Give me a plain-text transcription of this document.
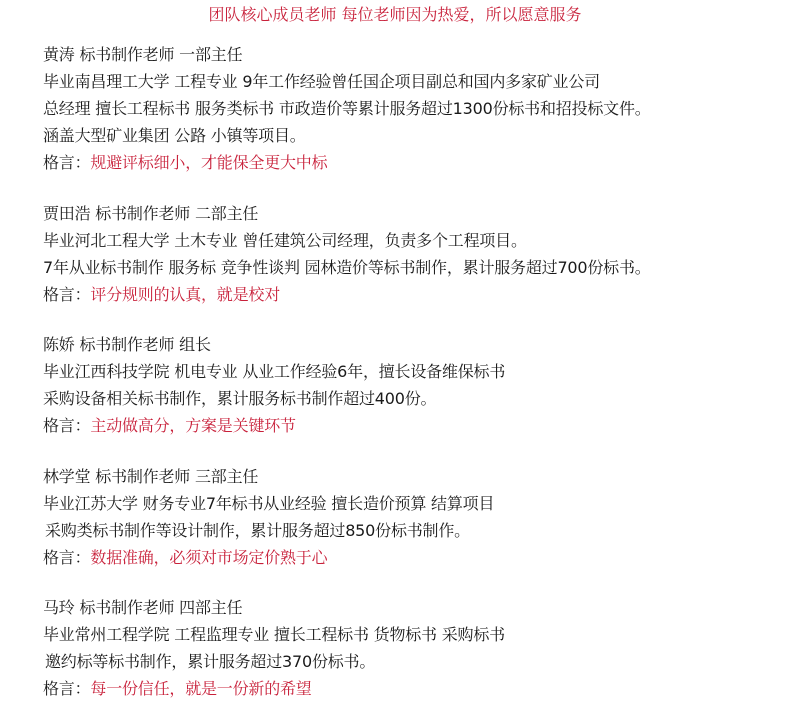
团队核心成员老师 每位老师因为热爱，所以愿意服务
黄涛 标书制作老师 一部主任
毕业南昌理工大学 工程专业 9年工作经验曾任国企项目副总和国内多家矿业公司
总经理 擅长工程标书 服务类标书 市政造价等累计服务超过1300份标书和招投标文件。
涵盖大型矿业集团 公路 小镇等项目。
格言：规避评标细小，才能保全更大中标
贾田浩 标书制作老师 二部主任
毕业河北工程大学 土木专业 曾任建筑公司经理，负责多个工程项目。
7年从业标书制作 服务标 竞争性谈判 园林造价等标书制作，累计服务超过700份标书。
格言：评分规则的认真，就是校对
陈娇 标书制作老师 组长
毕业江西科技学院 机电专业 从业工作经验6年，擅长设备维保标书
采购设备相关标书制作，累计服务标书制作超过400份。
格言：主动做高分，方案是关键环节
林学堂 标书制作老师 三部主任
毕业江苏大学 财务专业7年标书从业经验 擅长造价预算 结算项目
采购类标书制作等设计制作，累计服务超过850份标书制作。
格言：数据准确，必须对市场定价熟于心
马玲 标书制作老师 四部主任
毕业常州工程学院 工程监理专业 擅长工程标书 货物标书 采购标书
邀约标等标书制作，累计服务超过370份标书。
格言：每一份信任，就是一份新的希望
